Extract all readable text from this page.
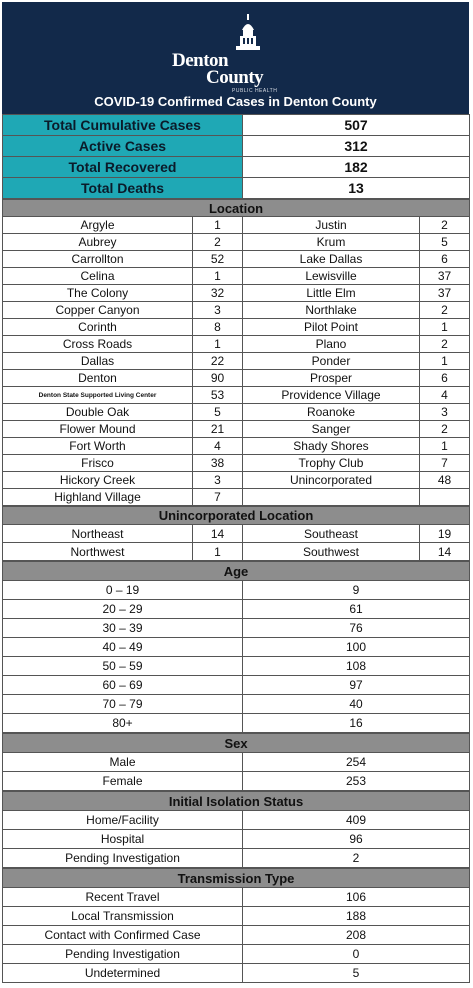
Denton
County
PUBLIC HEALTH
COVID-19 Confirmed Cases in Denton County
Total Cumulative Cases	507
Active Cases	312
Total Recovered	182
Total Deaths	13
Location			
Argyle	1	Justin	2
Aubrey	2	Krum	5
Carrollton	52	Lake Dallas	6
Celina	1	Lewisville	37
The Colony	32	Little Elm	37
Copper Canyon	3	Northlake	2
Corinth	8	Pilot Point	1
Cross Roads	1	Plano	2
Dallas	22	Ponder	1
Denton	90	Prosper	6
Denton State Supported Living Center	53	Providence Village	4
Double Oak	5	Roanoke	3
Flower Mound	21	Sanger	2
Fort Worth	4	Shady Shores	1
Frisco	38	Trophy Club	7
Hickory Creek	3	Unincorporated	48
Highland Village	7		
Unincorporated Location			
Northeast	14	Southeast	19
Northwest	1	Southwest	14
Age	
0 – 19	9
20 – 29	61
30 – 39	76
40 – 49	100
50 – 59	108
60 – 69	97
70 – 79	40
80+	16
Sex	
Male	254
Female	253
Initial Isolation Status	
Home/Facility	409
Hospital	96
Pending Investigation	2
Transmission Type	
Recent Travel	106
Local Transmission	188
Contact with Confirmed Case	208
Pending Investigation	0
Undetermined	5
